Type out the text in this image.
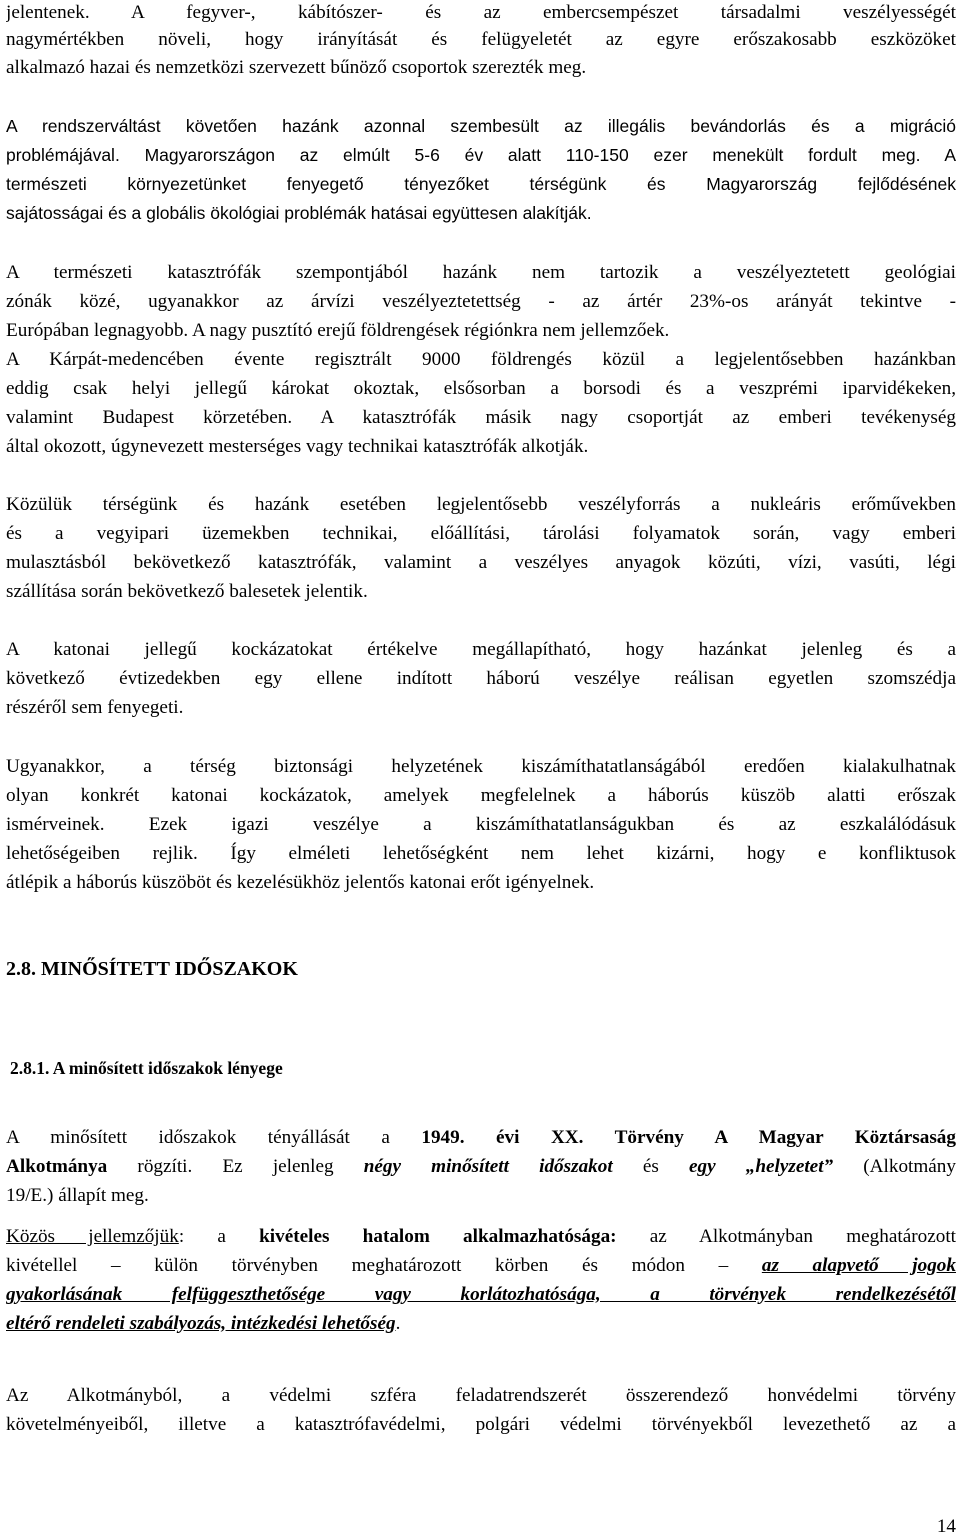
jelentenek. A fegyver-, kábítószer- és az embercsempészet társadalmi veszélyességét
nagymértékben növeli, hogy irányítását és felügyeletét az egyre erőszakosabb eszközöket
alkalmazó hazai és nemzetközi szervezett bűnöző csoportok szerezték meg.
A rendszerváltást követően hazánk azonnal szembesült az illegális bevándorlás és a migráció
problémájával. Magyarországon az elmúlt 5-6 év alatt 110-150 ezer menekült fordult meg. A
természeti környezetünket fenyegető tényezőket térségünk és Magyarország fejlődésének
sajátosságai és a globális ökológiai problémák hatásai együttesen alakítják.
A természeti katasztrófák szempontjából hazánk nem tartozik a veszélyeztetett geológiai
zónák közé, ugyanakkor az árvízi veszélyeztetettség - az ártér 23%-os arányát tekintve -
Európában legnagyobb. A nagy pusztító erejű földrengések régiónkra nem jellemzőek.
A Kárpát-medencében évente regisztrált 9000 földrengés közül a legjelentősebben hazánkban
eddig csak helyi jellegű károkat okoztak, elsősorban a borsodi és a veszprémi iparvidékeken,
valamint Budapest körzetében. A katasztrófák másik nagy csoportját az emberi tevékenység
által okozott, úgynevezett mesterséges vagy technikai katasztrófák alkotják.
Közülük térségünk és hazánk esetében legjelentősebb veszélyforrás a nukleáris erőművekben
és a vegyipari üzemekben technikai, előállítási, tárolási folyamatok során, vagy emberi
mulasztásból bekövetkező katasztrófák, valamint a veszélyes anyagok közúti, vízi, vasúti, légi
szállítása során bekövetkező balesetek jelentik.
A katonai jellegű kockázatokat értékelve megállapítható, hogy hazánkat jelenleg és a
következő évtizedekben egy ellene indított háború veszélye reálisan egyetlen szomszédja
részéről sem fenyegeti.
Ugyanakkor, a térség biztonsági helyzetének kiszámíthatatlanságából eredően kialakulhatnak
olyan konkrét katonai kockázatok, amelyek megfelelnek a háborús küszöb alatti erőszak
ismérveinek. Ezek igazi veszélye a kiszámíthatatlanságukban és az eszkalálódásuk
lehetőségeiben rejlik. Így elméleti lehetőségként nem lehet kizárni, hogy e konfliktusok
átlépik a háborús küszöböt és kezelésükhöz jelentős katonai erőt igényelnek.
2.8. MINŐSÍTETT IDŐSZAKOK
2.8.1. A minősített időszakok lényege
A minősített időszakok tényállását a 1949. évi XX. Törvény A Magyar Köztársaság
Alkotmánya rögzíti. Ez jelenleg négy minősített időszakot és egy „helyzetet” (Alkotmány
19/E.) állapít meg.
Közös jellemzőjük: a kivételes hatalom alkalmazhatósága: az Alkotmányban meghatározott
kivétellel – külön törvényben meghatározott körben és módon – az alapvető jogok
gyakorlásának felfüggeszthetősége vagy korlátozhatósága, a törvények rendelkezésétől
eltérő rendeleti szabályozás, intézkedési lehetőség.
Az Alkotmányból, a védelmi szféra feladatrendszerét összerendező honvédelmi törvény
követelményeiből, illetve a katasztrófavédelmi, polgári védelmi törvényekből levezethető az a
14
